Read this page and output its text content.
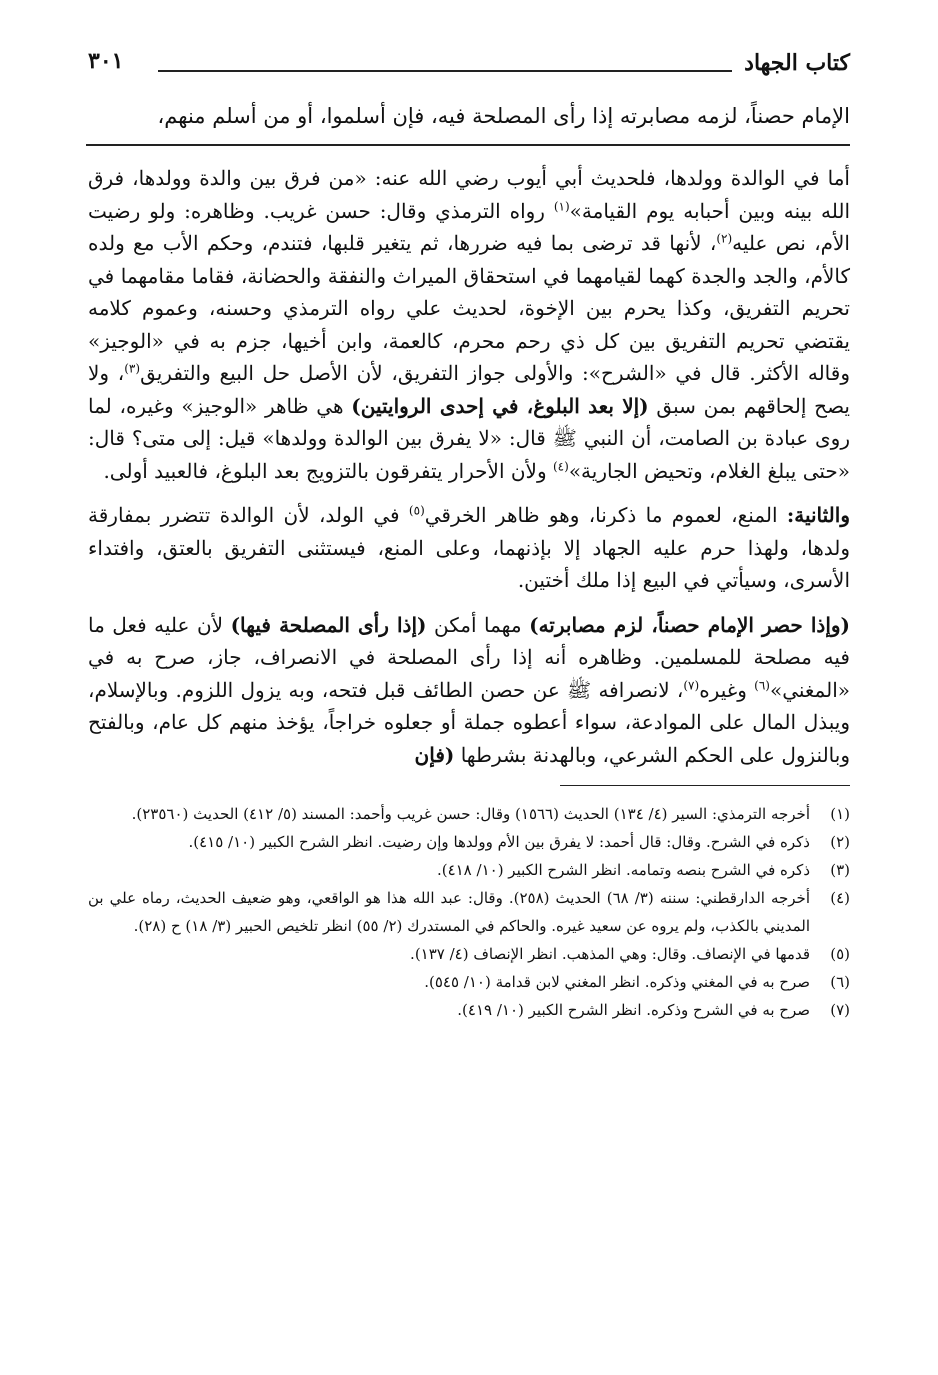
كتاب الجهاد
٣٠١
الإمام حصناً، لزمه مصابرته إذا رأى المصلحة فيه، فإن أسلموا، أو من أسلم منهم،

أما في الوالدة وولدها، فلحديث أبي أيوب رضي الله عنه: «من فرق بين والدة وولدها، فرق الله بينه وبين أحبابه يوم القيامة»$^{(١)}$ رواه الترمذي وقال: حسن غريب. وظاهره: ولو رضيت الأم، نص عليه$^{(٢)}$، لأنها قد ترضى بما فيه ضررها، ثم يتغير قلبها، فتندم، وحكم الأب مع ولده كالأم، والجد والجدة كهما لقيامهما في استحقاق الميراث والنفقة والحضانة، فقاما مقامهما في تحريم التفريق، وكذا يحرم بين الإخوة، لحديث علي رواه الترمذي وحسنه، وعموم كلامه يقتضي تحريم التفريق بين كل ذي رحم محرم، كالعمة، وابن أخيها، جزم به في «الوجيز» وقاله الأكثر. قال في «الشرح»: والأولى جواز التفريق، لأن الأصل حل البيع والتفريق$^{(٣)}$، ولا يصح إلحاقهم بمن سبق (إلا بعد البلوغ، في إحدى الروايتين) هي ظاهر «الوجيز» وغيره، لما روى عبادة بن الصامت، أن النبي ﷺ قال: «لا يفرق بين الوالدة وولدها» قيل: إلى متى؟ قال: «حتى يبلغ الغلام، وتحيض الجارية»$^{(٤)}$ ولأن الأحرار يتفرقون بالتزويج بعد البلوغ، فالعبيد أولى.

والثانية: المنع، لعموم ما ذكرنا، وهو ظاهر الخرقي$^{(٥)}$ في الولد، لأن الوالدة تتضرر بمفارقة ولدها، ولهذا حرم عليه الجهاد إلا بإذنهما، وعلى المنع، فيستثنى التفريق بالعتق، وافتداء الأسرى، وسيأتي في البيع إذا ملك أختين.

(وإذا حصر الإمام حصناً، لزم مصابرته) مهما أمكن (إذا رأى المصلحة فيها) لأن عليه فعل ما فيه مصلحة للمسلمين. وظاهره أنه إذا رأى المصلحة في الانصراف، جاز، صرح به في «المغني»$^{(٦)}$ وغيره$^{(٧)}$، لانصرافه ﷺ عن حصن الطائف قبل فتحه، وبه يزول اللزوم. وبالإسلام، ويبذل المال على الموادعة، سواء أعطوه جملة أو جعلوه خراجاً، يؤخذ منهم كل عام، وبالفتح وبالنزول على الحكم الشرعي، وبالهدنة بشرطها (فإن

(١)
أخرجه الترمذي: السير (٤/ ١٣٤) الحديث (١٥٦٦) وقال: حسن غريب وأحمد: المسند (٥/ ٤١٢) الحديث (٢٣٥٦٠).
(٢)
ذكره في الشرح. وقال: قال أحمد: لا يفرق بين الأم وولدها وإن رضيت. انظر الشرح الكبير (١٠/ ٤١٥).
(٣)
ذكره في الشرح بنصه وتمامه. انظر الشرح الكبير (١٠/ ٤١٨).
(٤)
أخرجه الدارقطني: سننه (٣/ ٦٨) الحديث (٢٥٨). وقال: عبد الله هذا هو الواقعي، وهو ضعيف الحديث، رماه علي بن المديني بالكذب، ولم يروه عن سعيد غيره. والحاكم في المستدرك (٢/ ٥٥) انظر تلخيص الحبير (٣/ ١٨) ح (٢٨).
(٥)
قدمها في الإنصاف. وقال: وهي المذهب. انظر الإنصاف (٤/ ١٣٧).
(٦)
صرح به في المغني وذكره. انظر المغني لابن قدامة (١٠/ ٥٤٥).
(٧)
صرح به في الشرح وذكره. انظر الشرح الكبير (١٠/ ٤١٩).
